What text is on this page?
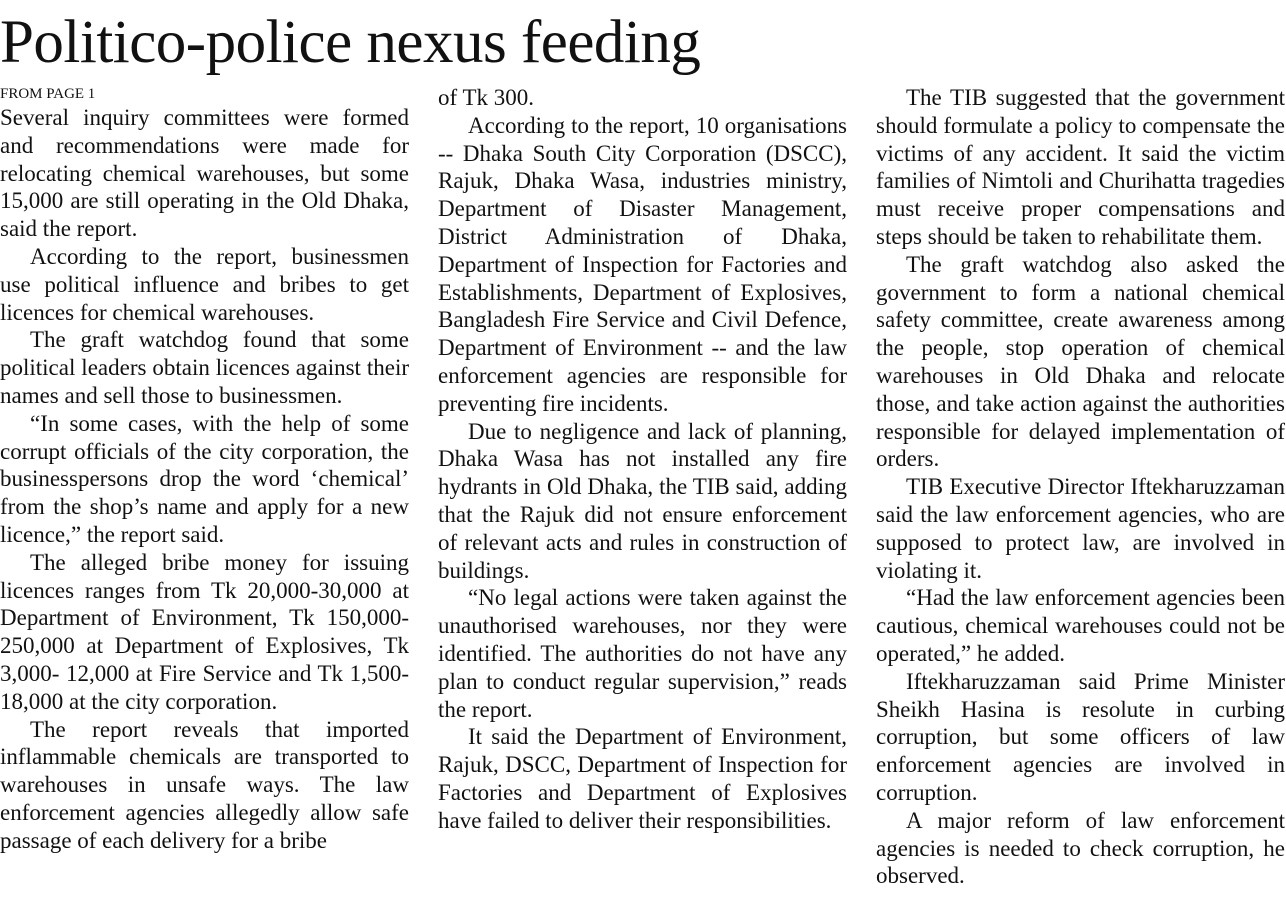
Politico-police nexus feeding
FROM PAGE 1

Several inquiry committees were formed and recommendations were made for relocating chemical warehouses, but some 15,000 are still operating in the Old Dhaka, said the report.

According to the report, businessmen use political influence and bribes to get licences for chemical warehouses.

The graft watchdog found that some political leaders obtain licences against their names and sell those to businessmen.

“In some cases, with the help of some corrupt officials of the city corporation, the businesspersons drop the word ‘chemical’ from the shop’s name and apply for a new licence,” the report said.

The alleged bribe money for issuing licences ranges from Tk 20,000-30,000 at Department of Environment, Tk 150,000-250,000 at Department of Explosives, Tk 3,000- 12,000 at Fire Service and Tk 1,500-18,000 at the city corporation.

The report reveals that imported inflammable chemicals are transported to warehouses in unsafe ways. The law enforcement agencies allegedly allow safe passage of each delivery for a bribe

of Tk 300.

According to the report, 10 organisations -- Dhaka South City Corporation (DSCC), Rajuk, Dhaka Wasa, industries ministry, Department of Disaster Management, District Administration of Dhaka, Department of Inspection for Factories and Establishments, Department of Explosives, Bangladesh Fire Service and Civil Defence, Department of Environment -- and the law enforcement agencies are responsible for preventing fire incidents.

Due to negligence and lack of planning, Dhaka Wasa has not installed any fire hydrants in Old Dhaka, the TIB said, adding that the Rajuk did not ensure enforcement of relevant acts and rules in construction of buildings.

“No legal actions were taken against the unauthorised warehouses, nor they were identified. The authorities do not have any plan to conduct regular supervision,” reads the report.

It said the Department of Environment, Rajuk, DSCC, Department of Inspection for Factories and Department of Explosives have failed to deliver their responsibilities.

The TIB suggested that the government should formulate a policy to compensate the victims of any accident. It said the victim families of Nimtoli and Churihatta tragedies must receive proper compensations and steps should be taken to rehabilitate them.

The graft watchdog also asked the government to form a national chemical safety committee, create awareness among the people, stop operation of chemical warehouses in Old Dhaka and relocate those, and take action against the authorities responsible for delayed implementation of orders.

TIB Executive Director Iftekharuzzaman said the law enforcement agencies, who are supposed to protect law, are involved in violating it.

“Had the law enforcement agencies been cautious, chemical warehouses could not be operated,” he added.

Iftekharuzzaman said Prime Minister Sheikh Hasina is resolute in curbing corruption, but some officers of law enforcement agencies are involved in corruption.

A major reform of law enforcement agencies is needed to check corruption, he observed.
